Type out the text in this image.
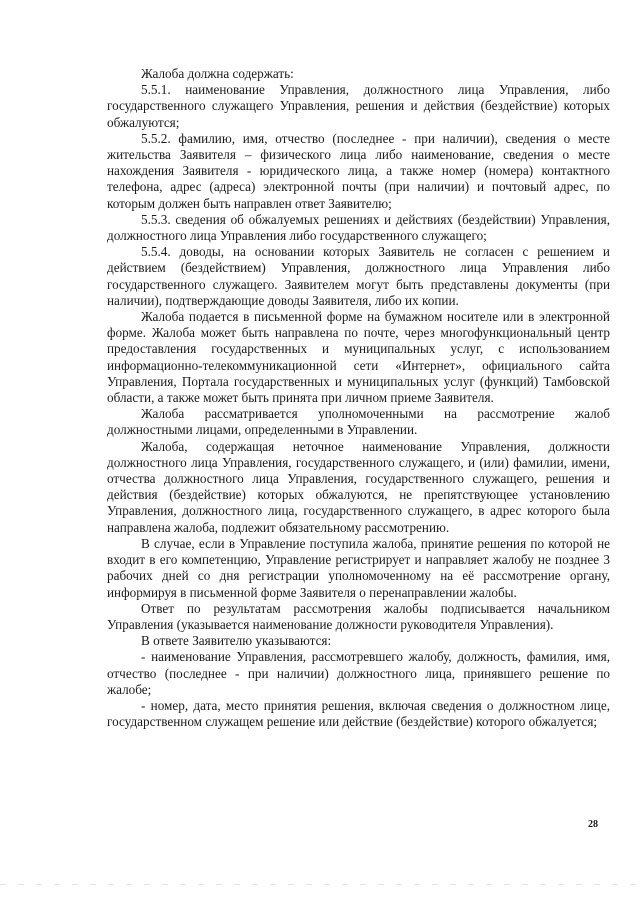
Жалоба должна содержать:

5.5.1. наименование Управления, должностного лица Управления, либо государственного служащего Управления, решения и действия (бездействие) которых обжалуются;

5.5.2. фамилию, имя, отчество (последнее - при наличии), сведения о месте жительства Заявителя – физического лица либо наименование, сведения о месте нахождения Заявителя - юридического лица, а также номер (номера) контактного телефона, адрес (адреса) электронной почты (при наличии) и почтовый адрес, по которым должен быть направлен ответ Заявителю;

5.5.3. сведения об обжалуемых решениях и действиях (бездействии) Управления, должностного лица Управления либо государственного служащего;

5.5.4. доводы, на основании которых Заявитель не согласен с решением и действием (бездействием) Управления, должностного лица Управления либо государственного служащего. Заявителем могут быть представлены документы (при наличии), подтверждающие доводы Заявителя, либо их копии.

Жалоба подается в письменной форме на бумажном носителе или в электронной форме. Жалоба может быть направлена по почте, через многофункциональный центр предоставления государственных и муниципальных услуг, с использованием информационно-телекоммуникационной сети «Интернет», официального сайта Управления, Портала государственных и муниципальных услуг (функций) Тамбовской области, а также может быть принята при личном приеме Заявителя.

Жалоба рассматривается уполномоченными на рассмотрение жалоб должностными лицами, определенными в Управлении.

Жалоба, содержащая неточное наименование Управления, должности должностного лица Управления, государственного служащего, и (или) фамилии, имени, отчества должностного лица Управления, государственного служащего, решения и действия (бездействие) которых обжалуются, не препятствующее установлению Управления, должностного лица, государственного служащего, в адрес которого была направлена жалоба, подлежит обязательному рассмотрению.

В случае, если в Управление поступила жалоба, принятие решения по которой не входит в его компетенцию, Управление регистрирует и направляет жалобу не позднее 3 рабочих дней со дня регистрации уполномоченному на её рассмотрение органу, информируя в письменной форме Заявителя о перенаправлении жалобы.

Ответ по результатам рассмотрения жалобы подписывается начальником Управления (указывается наименование должности руководителя Управления).

В ответе Заявителю указываются:

- наименование Управления, рассмотревшего жалобу, должность, фамилия, имя, отчество (последнее - при наличии) должностного лица, принявшего решение по жалобе;

- номер, дата, место принятия решения, включая сведения о должностном лице, государственном служащем решение или действие (бездействие) которого обжалуется;

28
